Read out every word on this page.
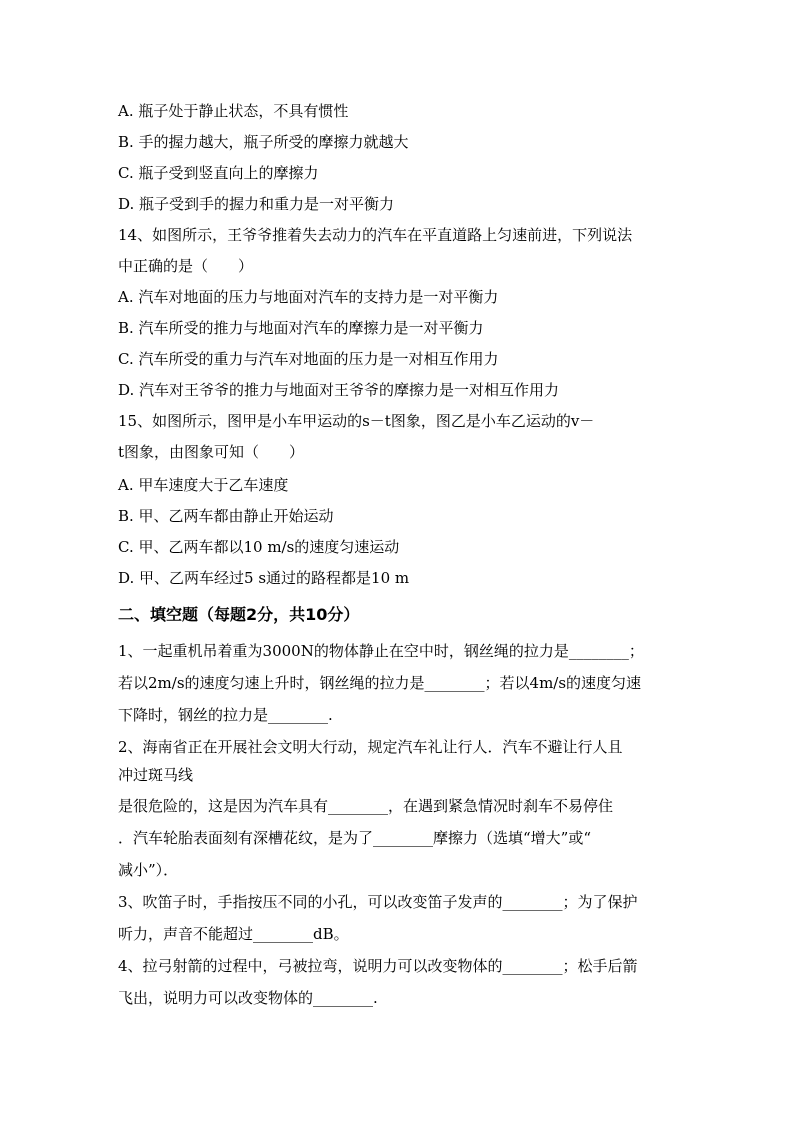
A. 瓶子处于静止状态，不具有惯性
B. 手的握力越大，瓶子所受的摩擦力就越大
C. 瓶子受到竖直向上的摩擦力
D. 瓶子受到手的握力和重力是一对平衡力
14、如图所示，王爷爷推着失去动力的汽车在平直道路上匀速前进，下列说法
中正确的是（　　）
A. 汽车对地面的压力与地面对汽车的支持力是一对平衡力
B. 汽车所受的推力与地面对汽车的摩擦力是一对平衡力
C. 汽车所受的重力与汽车对地面的压力是一对相互作用力
D. 汽车对王爷爷的推力与地面对王爷爷的摩擦力是一对相互作用力
15、如图所示，图甲是小车甲运动的s－t图象，图乙是小车乙运动的v－
t图象，由图象可知（　　）
A. 甲车速度大于乙车速度
B. 甲、乙两车都由静止开始运动
C. 甲、乙两车都以10 m/s的速度匀速运动
D. 甲、乙两车经过5 s通过的路程都是10 m
二、填空题（每题2分，共10分）
1、一起重机吊着重为3000N的物体静止在空中时，钢丝绳的拉力是________；
若以2m/s的速度匀速上升时，钢丝绳的拉力是________；若以4m/s的速度匀速
下降时，钢丝的拉力是________.
2、海南省正在开展社会文明大行动，规定汽车礼让行人．汽车不避让行人且
冲过斑马线
是很危险的，这是因为汽车具有________，在遇到紧急情况时刹车不易停住
．汽车轮胎表面刻有深槽花纹，是为了________摩擦力（选填“增大”或“
减小”）．
3、吹笛子时，手指按压不同的小孔，可以改变笛子发声的________；为了保护
听力，声音不能超过________dB。
4、拉弓射箭的过程中，弓被拉弯，说明力可以改变物体的________；松手后箭
飞出，说明力可以改变物体的________.
